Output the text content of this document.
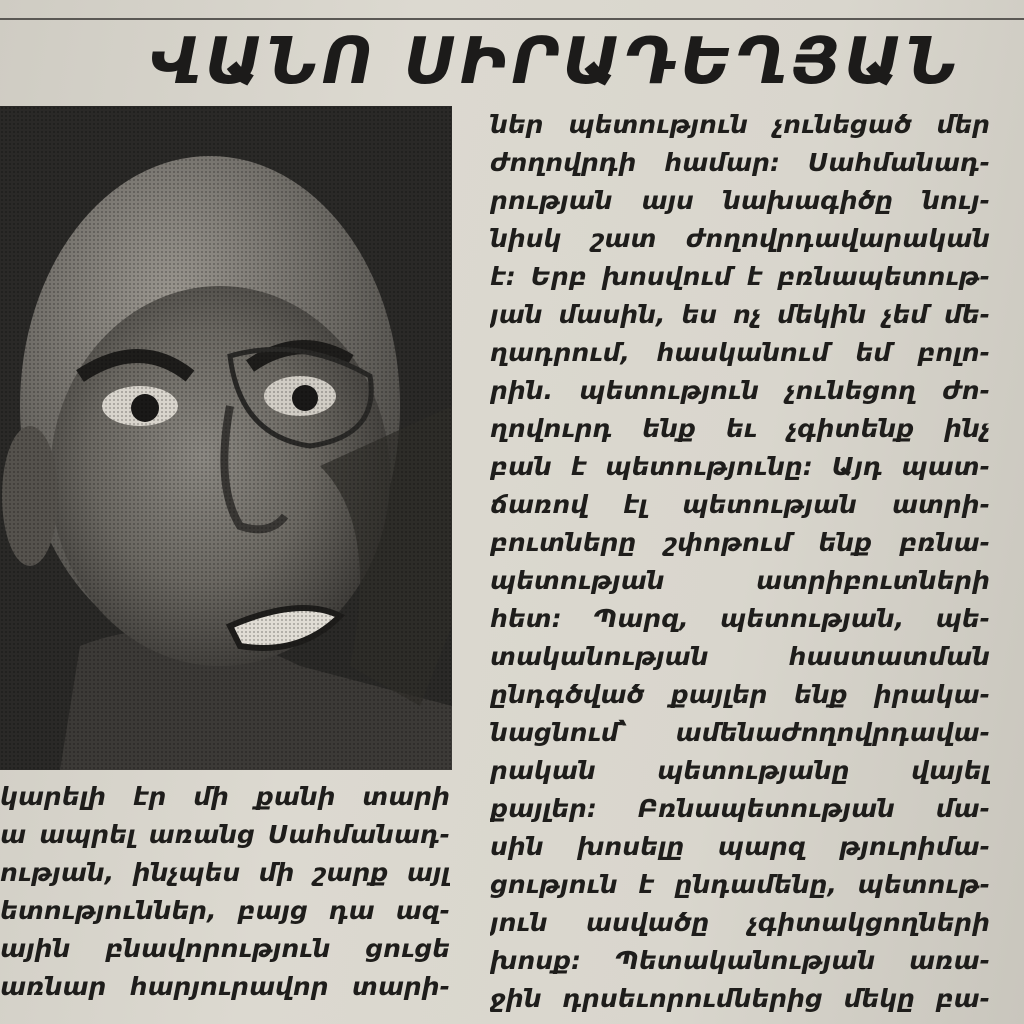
ՎԱՆՈ ՍԻՐԱԴԵՂՅԱՆ
ներ պետություն չունեցած մեր
ժողովրդի համար: Սահմանադ-
րության այս նախագիծը նույ-
նիսկ շատ ժողովրդավարական
է: Երբ խոսվում է բռնապետութ-
յան մասին, ես ոչ մեկին չեմ մե-
ղադրում, հասկանում եմ բոլո-
րին. պետություն չունեցող ժո-
ղովուրդ ենք եւ չգիտենք ինչ
բան է պետությունը: Այդ պատ-
ճառով էլ պետության ատրի-
բուտները շփոթում ենք բռնա-
պետության ատրիբուտների
հետ: Պարզ, պետության, պե-
տականության հաստատման
ընդգծված քայլեր ենք իրակա-
նացնում՝ ամենաժողովրդավա-
րական պետությանը վայել
քայլեր: Բռնապետության մա-
սին խոսելը պարզ թյուրիմա-
ցություն է ընդամենը, պետութ-
յուն ասվածը չգիտակցողների
խոսք: Պետականության առա-
ջին դրսեւորումներից մեկը բա-
կարելի էր մի քանի տարի
ա ապրել առանց Սահմանադ-
ության, ինչպես մի շարք այլ
ետություններ, բայց դա ազ-
ային բնավորություն ցուցե
առնար հարյուրավոր տարի-
